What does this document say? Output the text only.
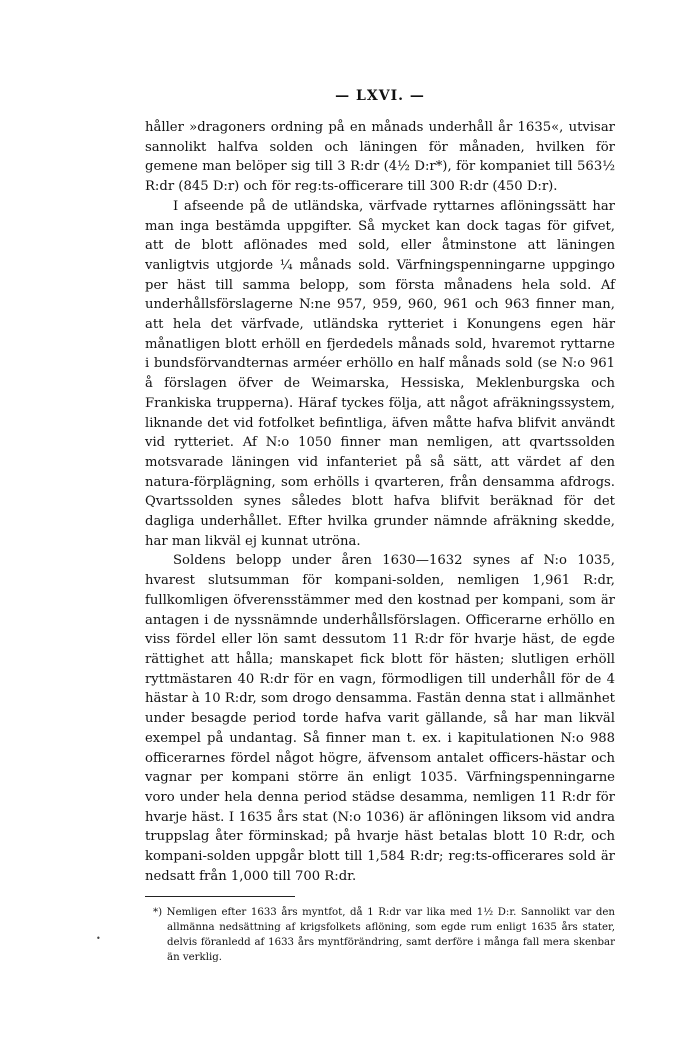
— LXVI. —

håller »dragoners ordning på en månads underhåll år 1635«, utvisar sannolikt halfva solden och läningen för månaden, hvilken för gemene man belöper sig till 3 R:dr (4½ D:r*), för kompaniet till 563½ R:dr (845 D:r) och för reg:ts-officerare till 300 R:dr (450 D:r).

I afseende på de utländska, värfvade ryttarnes aflöningssätt har man inga bestämda uppgifter. Så mycket kan dock tagas för gifvet, att de blott aflönades med sold, eller åtminstone att läningen vanligtvis utgjorde ¼ månads sold. Värfningspenningarne uppgingo per häst till samma belopp, som första månadens hela sold. Af underhållsförslagerne N:ne 957, 959, 960, 961 och 963 finner man, att hela det värfvade, utländska rytteriet i Konungens egen här månatligen blott erhöll en fjerdedels månads sold, hvaremot ryttarne i bundsförvandternas arméer erhöllo en half månads sold (se N:o 961 å förslagen öfver de Weimarska, Hessiska, Meklenburgska och Frankiska trupperna). Häraf tyckes följa, att något afräkningssystem, liknande det vid fotfolket befintliga, äfven måtte hafva blifvit användt vid rytteriet. Af N:o 1050 finner man nemligen, att qvartssolden motsvarade läningen vid infanteriet på så sätt, att värdet af den natura-förplägning, som erhölls i qvarteren, från densamma afdrogs. Qvartssolden synes således blott hafva blifvit beräknad för det dagliga underhållet. Efter hvilka grunder nämnde afräkning skedde, har man likväl ej kunnat utröna.

Soldens belopp under åren 1630—1632 synes af N:o 1035, hvarest slutsumman för kompani-solden, nemligen 1,961 R:dr, fullkomligen öfverensstämmer med den kostnad per kompani, som är antagen i de nyssnämnde underhållsförslagen. Officerarne erhöllo en viss fördel eller lön samt dessutom 11 R:dr för hvarje häst, de egde rättighet att hålla; manskapet fick blott för hästen; slutligen erhöll ryttmästaren 40 R:dr för en vagn, förmodligen till underhåll för de 4 hästar à 10 R:dr, som drogo densamma. Fastän denna stat i allmänhet under besagde period torde hafva varit gällande, så har man likväl exempel på undantag. Så finner man t. ex. i kapitulationen N:o 988 officerarnes fördel något högre, äfvensom antalet officers-hästar och vagnar per kompani större än enligt 1035. Värfningspenningarne voro under hela denna period städse desamma, nemligen 11 R:dr för hvarje häst. I 1635 års stat (N:o 1036) är aflöningen liksom vid andra truppslag åter förminskad; på hvarje häst betalas blott 10 R:dr, och kompani-solden uppgår blott till 1,584 R:dr; reg:ts-officerares sold är nedsatt från 1,000 till 700 R:dr.

*) Nemligen efter 1633 års myntfot, då 1 R:dr var lika med 1½ D:r. Sannolikt var den allmänna nedsättning af krigsfolkets aflöning, som egde rum enligt 1635 års stater, delvis föranledd af 1633 års myntförändring, samt derföre i många fall mera skenbar än verklig.

•
